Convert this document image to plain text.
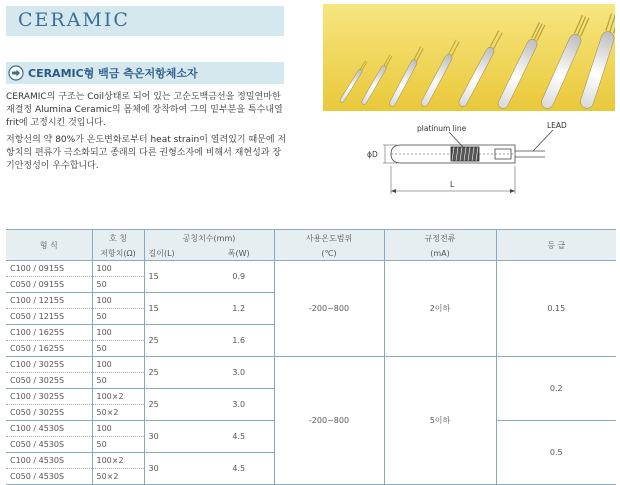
CERAMIC
CERAMIC형 백금 측온저항체소자

CERAMIC의 구조는 Coil상태로 되어 있는 고순도백금선을 정밀연마한

재결정 Alumina Ceramic의 몸체에 장착하여 그의 밑부분을 특수내열

frit에 고정시킨 것입니다.

저항선의 약 80%가 온도변화로부터 heat strain이 열려있기 때문에 저

항치의 편류가 극소화되고 종래의 다른 권형소자에 비해서 재현성과 장

기안정성이 우수합니다.

platinum line	LEAD
ϕD
L
형 식	호 칭	공칭치수(mm)		사용온도범위	규정전류	등 급
	저항치(Ω)	길이(L)	폭(W)	(℃)	(mA)	
C100 / 0915S	100	15	0.9	-200~800	2이하	0.15
C050 / 0915S	50					
C100 / 1215S	100	15	1.2			
C050 / 1215S	50					
C100 / 1625S	100	25	1.6			
C050 / 1625S	50					
C100 / 3025S	100	25	3.0	-200~800	5이하	0.2
C050 / 3025S	50					
C100 / 3025S	100×2	25	3.0			
C050 / 3025S	50×2					
C100 / 4530S	100	30	4.5			0.5
C050 / 4530S	50					
C100 / 4530S	100×2	30	4.5			
C050 / 4530S	50×2					
